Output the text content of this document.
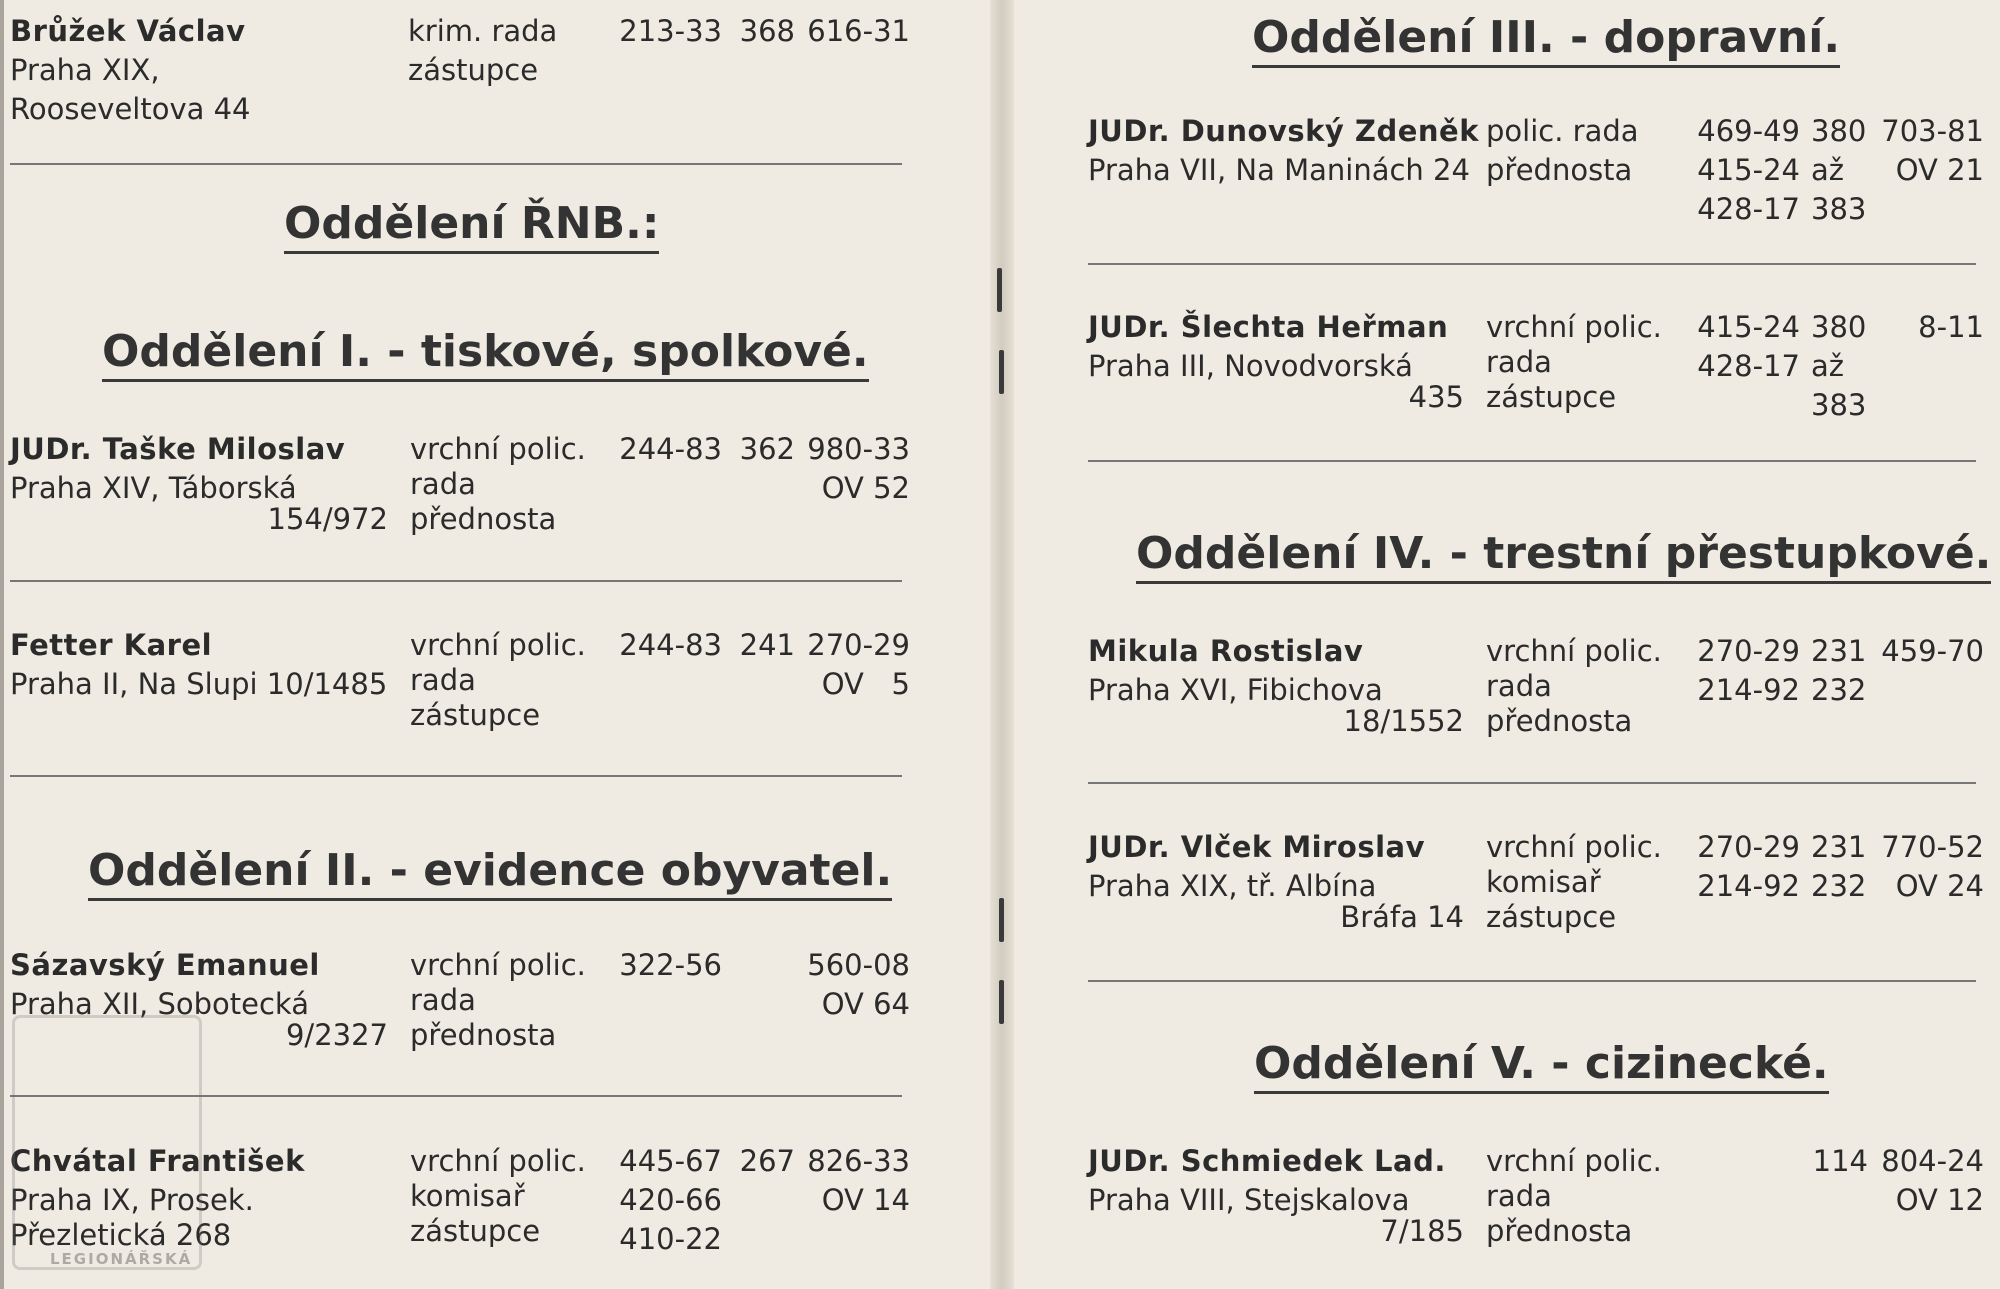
Oddělení ŘNB.:
Oddělení I. - tiskové, spolkové.
Oddělení II. - evidence obyvatel.
Brůžek Václav
Praha XIX,
Rooseveltova 44
krim. rada
zástupce
213-33 368 616-31
JUDr. Taške Miloslav
Praha XIV, Táborská
154/972
vrchní polic.
rada
přednosta
244-83 362 980-33
OV 52
Fetter Karel
Praha II, Na Slupi 10/1485
vrchní polic.
rada
zástupce
244-83 241 270-29
OV   5
Sázavský Emanuel
Praha XII, Sobotecká
9/2327
vrchní polic.
rada
přednosta
322-56	560-08
OV 64
Chvátal František
Praha IX, Prosek.
Přezletická 268
vrchní polic.
komisař
zástupce
445-67
420-66
410-22
267 826-33
OV 14
LEGIONÁŘSKÁ
Oddělení III. - dopravní.
Oddělení IV. - trestní přestupkové.
Oddělení V. - cizinecké.
JUDr. Dunovský Zdeněk
Praha VII, Na Maninách 24
polic. rada
přednosta
469-49
415-24
428-17
380
až
383
703-81
OV 21
JUDr. Šlechta Heřman
Praha III, Novodvorská
435
vrchní polic.
rada
zástupce
415-24
428-17
380
až
383
8-11
Mikula Rostislav
Praha XVI, Fibichova
18/1552
vrchní polic.
rada
přednosta
270-29
214-92
231
232
459-70
JUDr. Vlček Miroslav
Praha XIX, tř. Albína
Bráfa 14
vrchní polic.
komisař
zástupce
270-29
214-92
231
232
770-52
OV 24
JUDr. Schmiedek Lad.
Praha VIII, Stejskalova
7/185
vrchní polic.
rada
přednosta
114 804-24
OV 12
